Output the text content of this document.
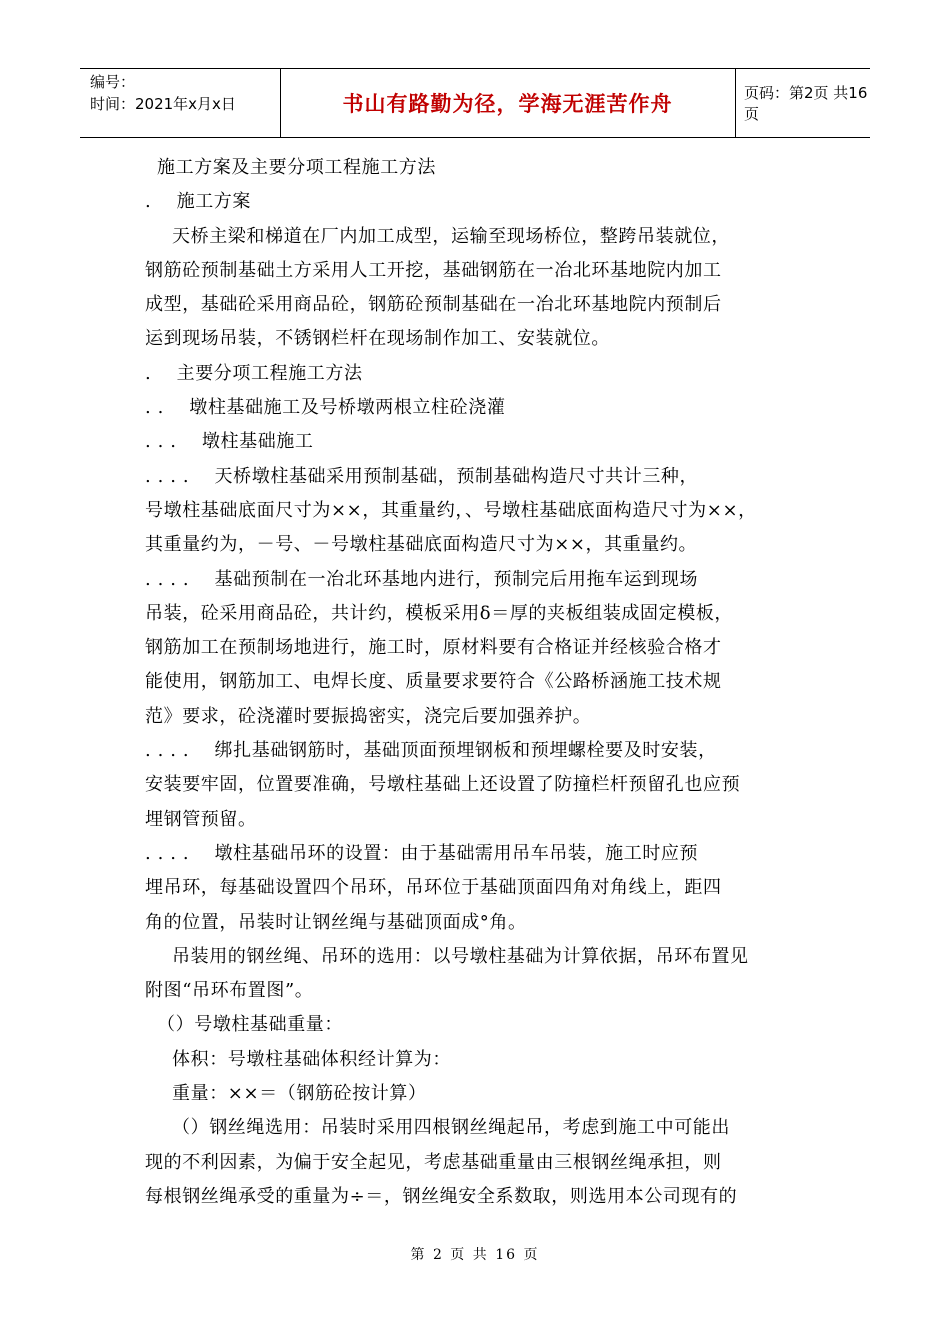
编号：
时间：2021年x月x日	书山有路勤为径，学海无涯苦作舟	页码：第2页 共16页
施工方案及主要分项工程施工方法
.    施工方案
天桥主梁和梯道在厂内加工成型，运输至现场桥位，整跨吊装就位，
钢筋砼预制基础土方采用人工开挖，基础钢筋在一冶北环基地院内加工
成型，基础砼采用商品砼，钢筋砼预制基础在一冶北环基地院内预制后
运到现场吊装，不锈钢栏杆在现场制作加工、安装就位。
.    主要分项工程施工方法
. .    墩柱基础施工及号桥墩两根立柱砼浇灌
. . .    墩柱基础施工
. . . .    天桥墩柱基础采用预制基础，预制基础构造尺寸共计三种，
号墩柱基础底面尺寸为××，其重量约，、号墩柱基础底面构造尺寸为××，
其重量约为，－号、－号墩柱基础底面构造尺寸为××，其重量约。
. . . .    基础预制在一冶北环基地内进行，预制完后用拖车运到现场
吊装，砼采用商品砼，共计约，模板采用δ＝厚的夹板组装成固定模板，
钢筋加工在预制场地进行，施工时，原材料要有合格证并经核验合格才
能使用，钢筋加工、电焊长度、质量要求要符合《公路桥涵施工技术规
范》要求，砼浇灌时要振捣密实，浇完后要加强养护。
. . . .    绑扎基础钢筋时，基础顶面预埋钢板和预埋螺栓要及时安装，
安装要牢固，位置要准确，号墩柱基础上还设置了防撞栏杆预留孔也应预
埋钢管预留。
. . . .    墩柱基础吊环的设置：由于基础需用吊车吊装，施工时应预
埋吊环，每基础设置四个吊环，吊环位于基础顶面四角对角线上，距四
角的位置，吊装时让钢丝绳与基础顶面成°角。
吊装用的钢丝绳、吊环的选用：以号墩柱基础为计算依据，吊环布置见
附图“吊环布置图”。
（）号墩柱基础重量：
体积：号墩柱基础体积经计算为：
重量：××＝（钢筋砼按计算）
（）钢丝绳选用：吊装时采用四根钢丝绳起吊，考虑到施工中可能出
现的不利因素，为偏于安全起见，考虑基础重量由三根钢丝绳承担，则
每根钢丝绳承受的重量为÷＝，钢丝绳安全系数取，则选用本公司现有的
第 2 页 共 16 页
